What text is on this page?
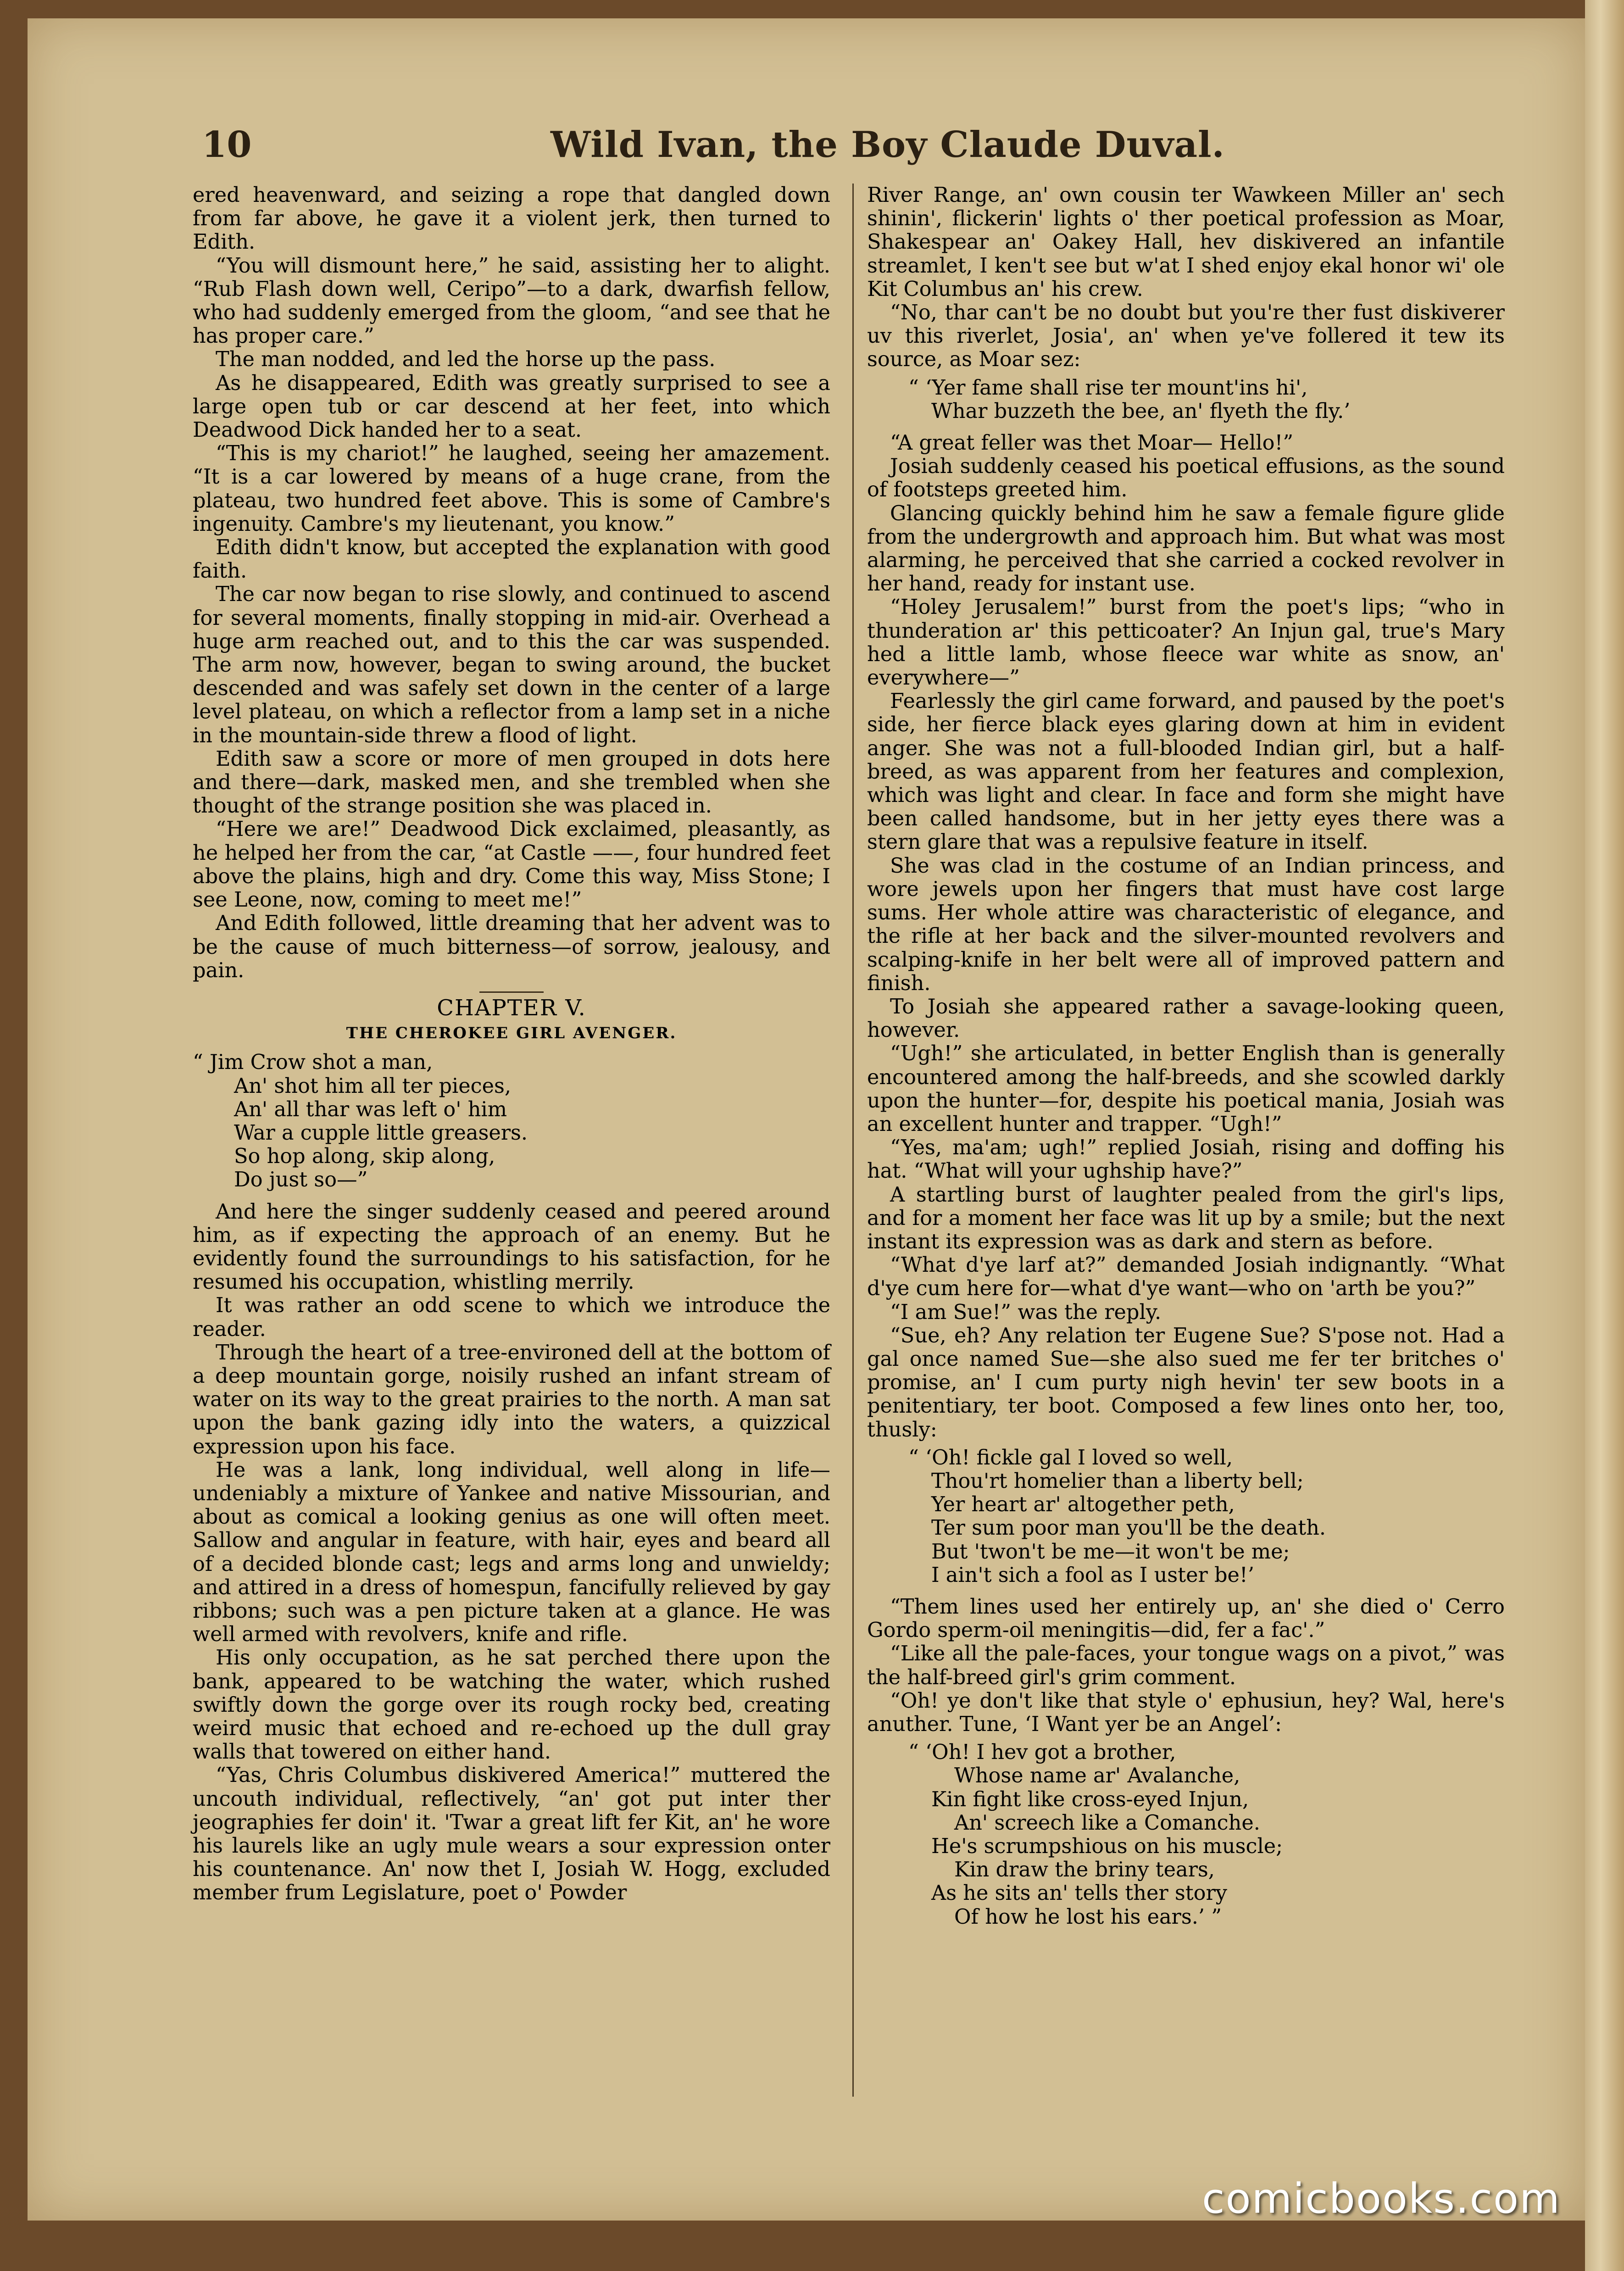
10	Wild Ivan, the Boy Claude Duval.

ered heavenward, and seizing a rope that dangled down from far above, he gave it a violent jerk, then turned to Edith.

“You will dismount here,” he said, assisting her to alight. “Rub Flash down well, Ceripo”—to a dark, dwarfish fellow, who had suddenly emerged from the gloom, “and see that he has proper care.”

The man nodded, and led the horse up the pass.

As he disappeared, Edith was greatly surprised to see a large open tub or car descend at her feet, into which Deadwood Dick handed her to a seat.

“This is my chariot!” he laughed, seeing her amazement. “It is a car lowered by means of a huge crane, from the plateau, two hundred feet above. This is some of Cambre's ingenuity. Cambre's my lieutenant, you know.”

Edith didn't know, but accepted the explanation with good faith.

The car now began to rise slowly, and continued to ascend for several moments, finally stopping in mid-air. Overhead a huge arm reached out, and to this the car was suspended. The arm now, however, began to swing around, the bucket descended and was safely set down in the center of a large level plateau, on which a reflector from a lamp set in a niche in the mountain-side threw a flood of light.

Edith saw a score or more of men grouped in dots here and there—dark, masked men, and she trembled when she thought of the strange position she was placed in.

“Here we are!” Deadwood Dick exclaimed, pleasantly, as he helped her from the car, “at Castle ——, four hundred feet above the plains, high and dry. Come this way, Miss Stone; I see Leone, now, coming to meet me!”

And Edith followed, little dreaming that her advent was to be the cause of much bitterness—of sorrow, jealousy, and pain.

CHAPTER V.
THE CHEROKEE GIRL AVENGER.
“ Jim Crow shot a man,
An' shot him all ter pieces,
An' all thar was left o' him
War a cupple little greasers.
So hop along, skip along,
Do just so—”

And here the singer suddenly ceased and peered around him, as if expecting the approach of an enemy. But he evidently found the surroundings to his satisfaction, for he resumed his occupation, whistling merrily.

It was rather an odd scene to which we introduce the reader.

Through the heart of a tree-environed dell at the bottom of a deep mountain gorge, noisily rushed an infant stream of water on its way to the great prairies to the north. A man sat upon the bank gazing idly into the waters, a quizzical expression upon his face.

He was a lank, long individual, well along in life—undeniably a mixture of Yankee and native Missourian, and about as comical a looking genius as one will often meet. Sallow and angular in feature, with hair, eyes and beard all of a decided blonde cast; legs and arms long and unwieldy; and attired in a dress of homespun, fancifully relieved by gay ribbons; such was a pen picture taken at a glance. He was well armed with revolvers, knife and rifle.

His only occupation, as he sat perched there upon the bank, appeared to be watching the water, which rushed swiftly down the gorge over its rough rocky bed, creating weird music that echoed and re-echoed up the dull gray walls that towered on either hand.

“Yas, Chris Columbus diskivered America!” muttered the uncouth individual, reflectively, “an' got put inter ther jeographies fer doin' it. 'Twar a great lift fer Kit, an' he wore his laurels like an ugly mule wears a sour expression onter his countenance. An' now thet I, Josiah W. Hogg, excluded member frum Legislature, poet o' Powder

River Range, an' own cousin ter Wawkeen Miller an' sech shinin', flickerin' lights o' ther poetical profession as Moar, Shakespear an' Oakey Hall, hev diskivered an infantile streamlet, I ken't see but w'at I shed enjoy ekal honor wi' ole Kit Columbus an' his crew.

“No, thar can't be no doubt but you're ther fust diskiverer uv this riverlet, Josia', an' when ye've follered it tew its source, as Moar sez:

“ ‘Yer fame shall rise ter mount'ins hi',
Whar buzzeth the bee, an' flyeth the fly.’

“A great feller was thet Moar— Hello!”

Josiah suddenly ceased his poetical effusions, as the sound of footsteps greeted him.

Glancing quickly behind him he saw a female figure glide from the undergrowth and approach him. But what was most alarming, he perceived that she carried a cocked revolver in her hand, ready for instant use.

“Holey Jerusalem!” burst from the poet's lips; “who in thunderation ar' this petticoater? An Injun gal, true's Mary hed a little lamb, whose fleece war white as snow, an' everywhere—”

Fearlessly the girl came forward, and paused by the poet's side, her fierce black eyes glaring down at him in evident anger. She was not a full-blooded Indian girl, but a half-breed, as was apparent from her features and complexion, which was light and clear. In face and form she might have been called handsome, but in her jetty eyes there was a stern glare that was a repulsive feature in itself.

She was clad in the costume of an Indian princess, and wore jewels upon her fingers that must have cost large sums. Her whole attire was characteristic of elegance, and the rifle at her back and the silver-mounted revolvers and scalping-knife in her belt were all of improved pattern and finish.

To Josiah she appeared rather a savage-looking queen, however.

“Ugh!” she articulated, in better English than is generally encountered among the half-breeds, and she scowled darkly upon the hunter—for, despite his poetical mania, Josiah was an excellent hunter and trapper. “Ugh!”

“Yes, ma'am; ugh!” replied Josiah, rising and doffing his hat. “What will your ughship have?”

A startling burst of laughter pealed from the girl's lips, and for a moment her face was lit up by a smile; but the next instant its expression was as dark and stern as before.

“What d'ye larf at?” demanded Josiah indignantly. “What d'ye cum here for—what d'ye want—who on 'arth be you?”

“I am Sue!” was the reply.

“Sue, eh? Any relation ter Eugene Sue? S'pose not. Had a gal once named Sue—she also sued me fer ter britches o' promise, an' I cum purty nigh hevin' ter sew boots in a penitentiary, ter boot. Composed a few lines onto her, too, thusly:

“ ‘Oh! fickle gal I loved so well,
Thou'rt homelier than a liberty bell;
Yer heart ar' altogether peth,
Ter sum poor man you'll be the death.
But 'twon't be me—it won't be me;
I ain't sich a fool as I uster be!’

“Them lines used her entirely up, an' she died o' Cerro Gordo sperm-oil meningitis—did, fer a fac'.”

“Like all the pale-faces, your tongue wags on a pivot,” was the half-breed girl's grim comment.

“Oh! ye don't like that style o' ephusiun, hey? Wal, here's anuther. Tune, ‘I Want yer be an Angel’:

“ ‘Oh! I hev got a brother,
Whose name ar' Avalanche,
Kin fight like cross-eyed Injun,
An' screech like a Comanche.
He's scrumpshious on his muscle;
Kin draw the briny tears,
As he sits an' tells ther story
Of how he lost his ears.’ ”
comicbooks.com
